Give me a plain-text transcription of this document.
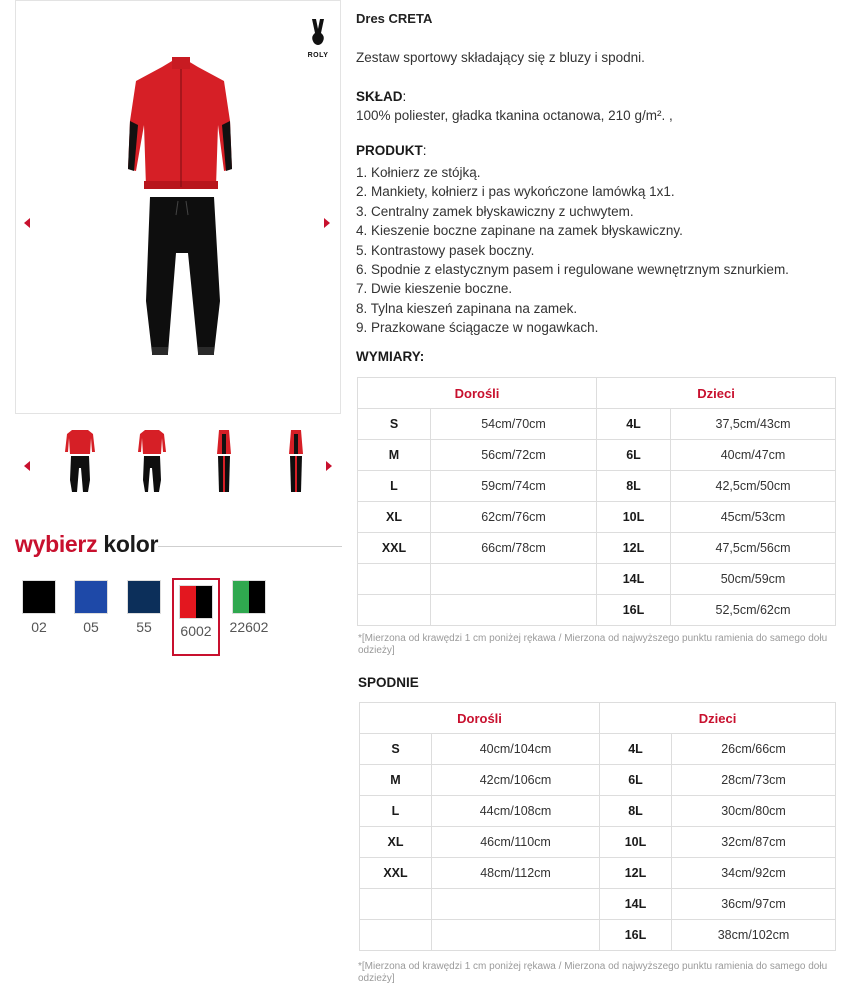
ROLY
wybierz kolor
02	05	55	6002	22602
Dres CRETA
Zestaw sportowy składający się z bluzy i spodni.
SKŁAD:
100% poliester, gładka tkanina octanowa, 210 g/m². ,
PRODUKT:
1. Kołnierz ze stójką.
2. Mankiety, kołnierz i pas wykończone lamówką 1x1.
3. Centralny zamek błyskawiczny z uchwytem.
4. Kieszenie boczne zapinane na zamek błyskawiczny.
5. Kontrastowy pasek boczny.
6. Spodnie z elastycznym pasem i regulowane wewnętrznym sznurkiem.
7. Dwie kieszenie boczne.
8. Tylna kieszeń zapinana na zamek.
9. Prazkowane ściągacze w nogawkach.
WYMIARY:
Dorośli		Dzieci	
S	54cm/70cm	4L	37,5cm/43cm
M	56cm/72cm	6L	40cm/47cm
L	59cm/74cm	8L	42,5cm/50cm
XL	62cm/76cm	10L	45cm/53cm
XXL	66cm/78cm	12L	47,5cm/56cm
		14L	50cm/59cm
		16L	52,5cm/62cm
*[Mierzona od krawędzi 1 cm poniżej rękawa / Mierzona od najwyższego punktu ramienia do samego dołu odzieży]
SPODNIE
Dorośli		Dzieci	
S	40cm/104cm	4L	26cm/66cm
M	42cm/106cm	6L	28cm/73cm
L	44cm/108cm	8L	30cm/80cm
XL	46cm/110cm	10L	32cm/87cm
XXL	48cm/112cm	12L	34cm/92cm
		14L	36cm/97cm
		16L	38cm/102cm
*[Mierzona od krawędzi 1 cm poniżej rękawa / Mierzona od najwyższego punktu ramienia do samego dołu odzieży]
